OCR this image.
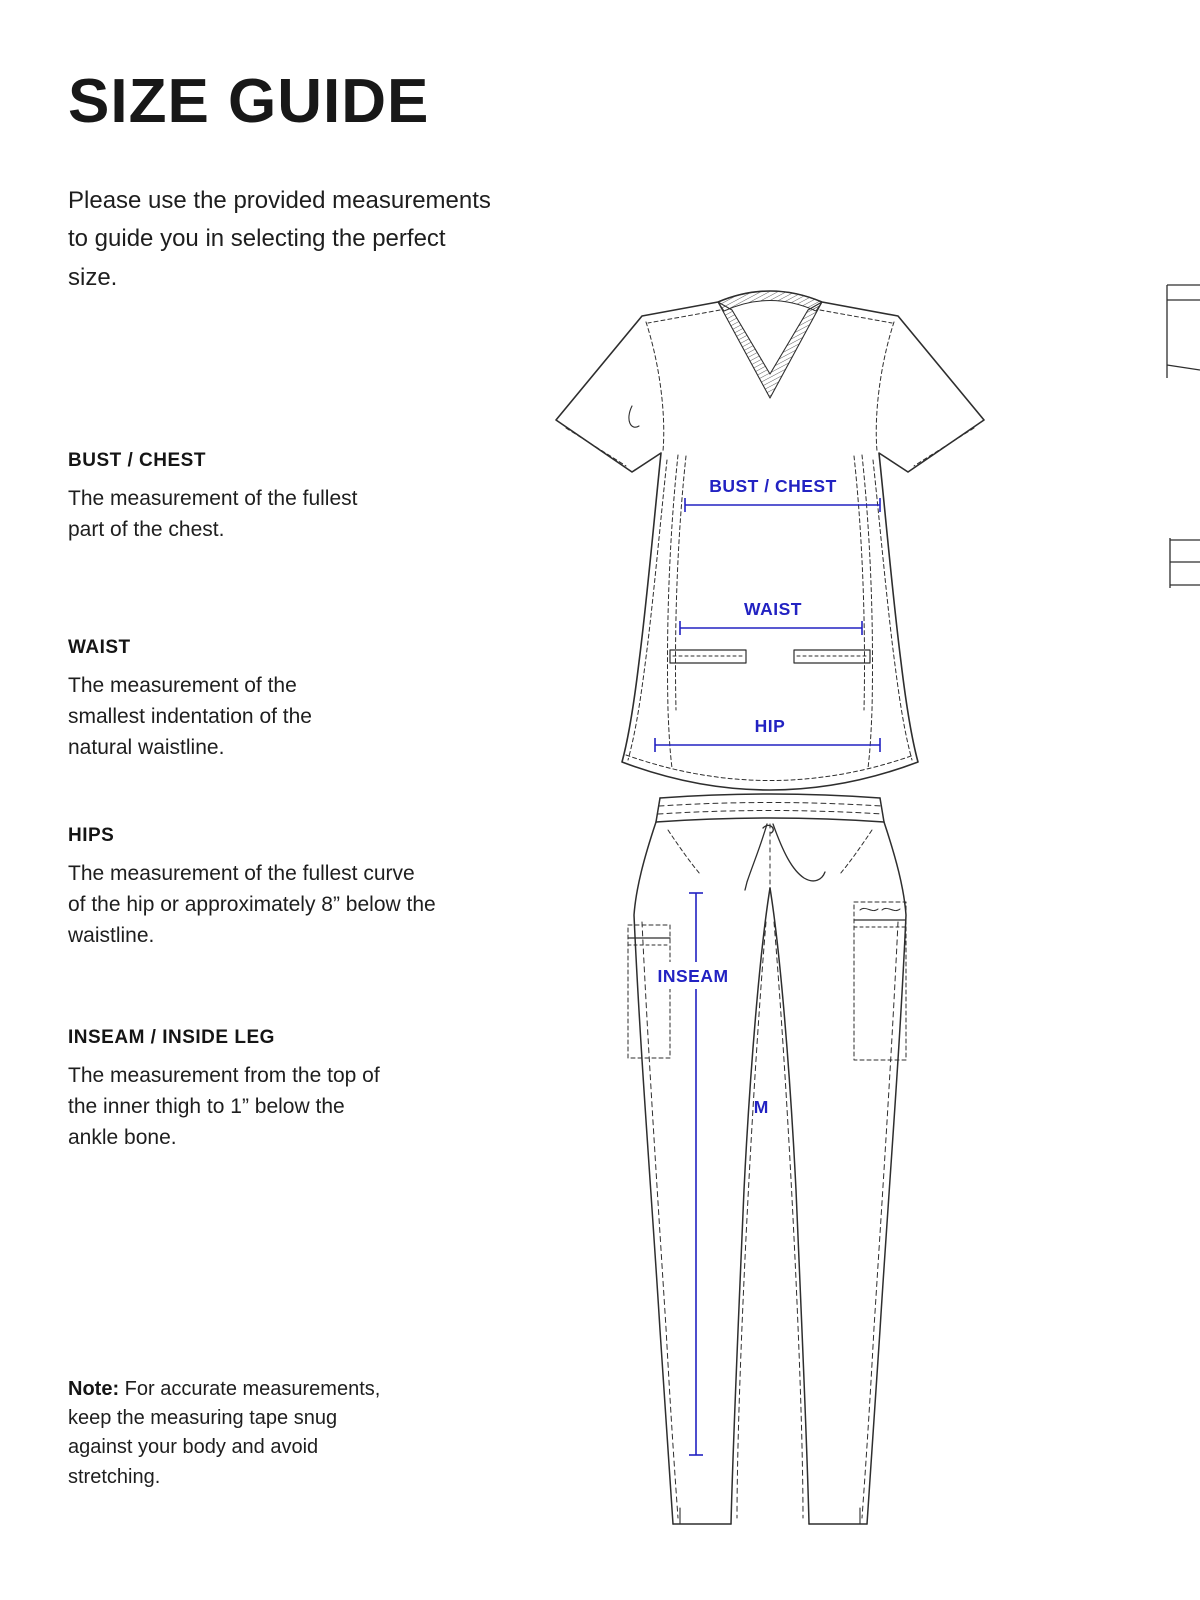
SIZE GUIDE

Please use the provided measurements to guide you in selecting the perfect size.

BUST / CHEST

The measurement of the fullest part of the chest.

WAIST

The measurement of the smallest indentation of the natural waistline.

HIPS

The measurement of the fullest curve of the hip or approximately 8” below the waistline.

INSEAM / INSIDE LEG

The measurement from the top of the inner thigh to 1” below the ankle bone.

Note: For accurate measurements, keep the measuring tape snug against your body and avoid stretching.

INSEAM
M
BUST / CHEST
WAIST
HIP
